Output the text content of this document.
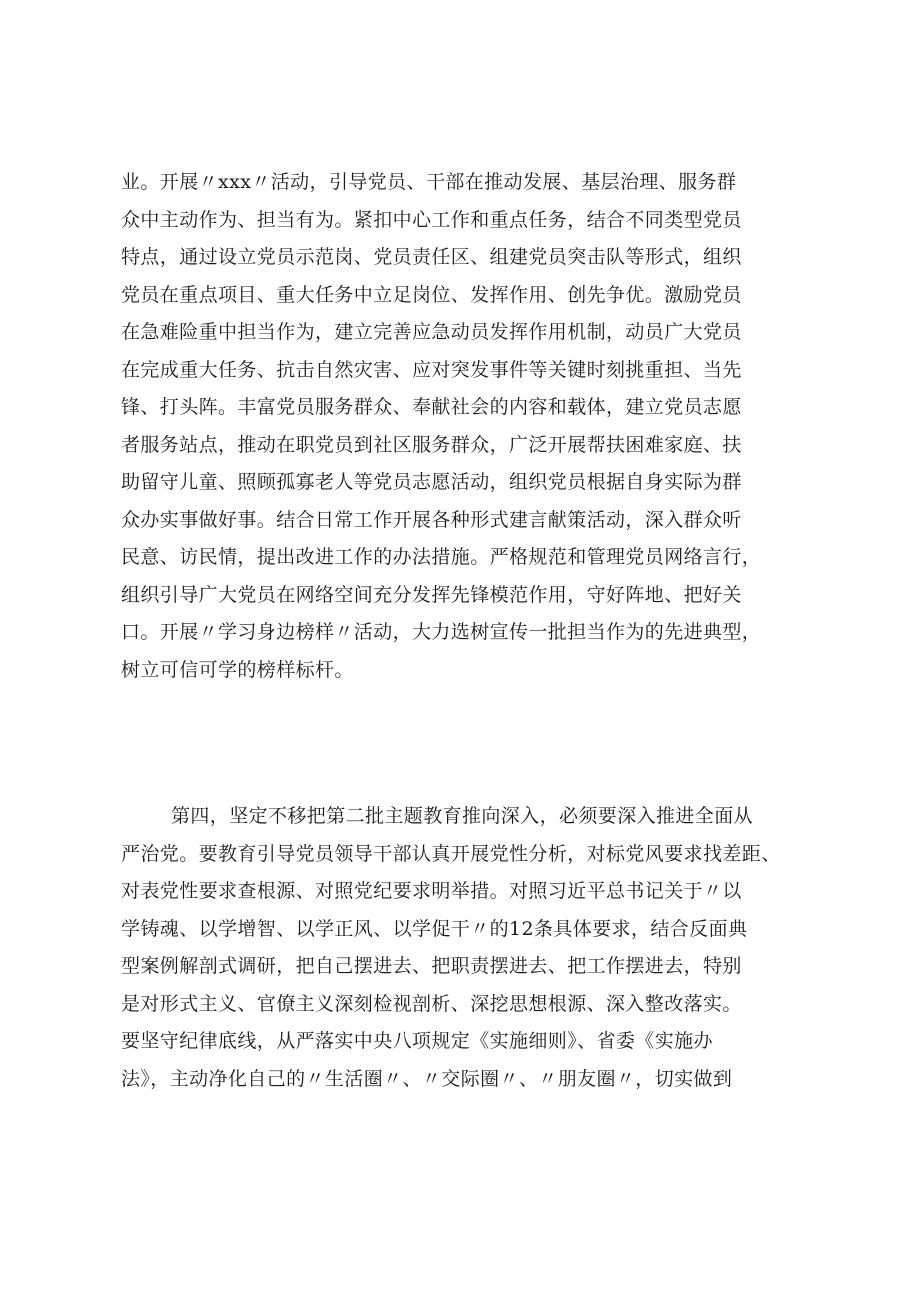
业。开展〃xxx〃活动，引导党员、干部在推动发展、基层治理、服务群
众中主动作为、担当有为。紧扣中心工作和重点任务，结合不同类型党员
特点，通过设立党员示范岗、党员责任区、组建党员突击队等形式，组织
党员在重点项目、重大任务中立足岗位、发挥作用、创先争优。激励党员
在急难险重中担当作为，建立完善应急动员发挥作用机制，动员广大党员
在完成重大任务、抗击自然灾害、应对突发事件等关键时刻挑重担、当先
锋、打头阵。丰富党员服务群众、奉献社会的内容和载体，建立党员志愿
者服务站点，推动在职党员到社区服务群众，广泛开展帮扶困难家庭、扶
助留守儿童、照顾孤寡老人等党员志愿活动，组织党员根据自身实际为群
众办实事做好事。结合日常工作开展各种形式建言献策活动，深入群众听
民意、访民情，提出改进工作的办法措施。严格规范和管理党员网络言行，
组织引导广大党员在网络空间充分发挥先锋模范作用，守好阵地、把好关
口。开展〃学习身边榜样〃活动，大力选树宣传一批担当作为的先进典型，
树立可信可学的榜样标杆。
第四，坚定不移把第二批主题教育推向深入，必须要深入推进全面从
严治党。要教育引导党员领导干部认真开展党性分析，对标党风要求找差距、
对表党性要求查根源、对照党纪要求明举措。对照习近平总书记关于〃以
学铸魂、以学增智、以学正风、以学促干〃的12条具体要求，结合反面典
型案例解剖式调研，把自己摆进去、把职责摆进去、把工作摆进去，特别
是对形式主义、官僚主义深刻检视剖析、深挖思想根源、深入整改落实。
要坚守纪律底线，从严落实中央八项规定《实施细则》、省委《实施办
法》，主动净化自己的〃生活圈〃、〃交际圈〃、〃朋友圈〃，切实做到
